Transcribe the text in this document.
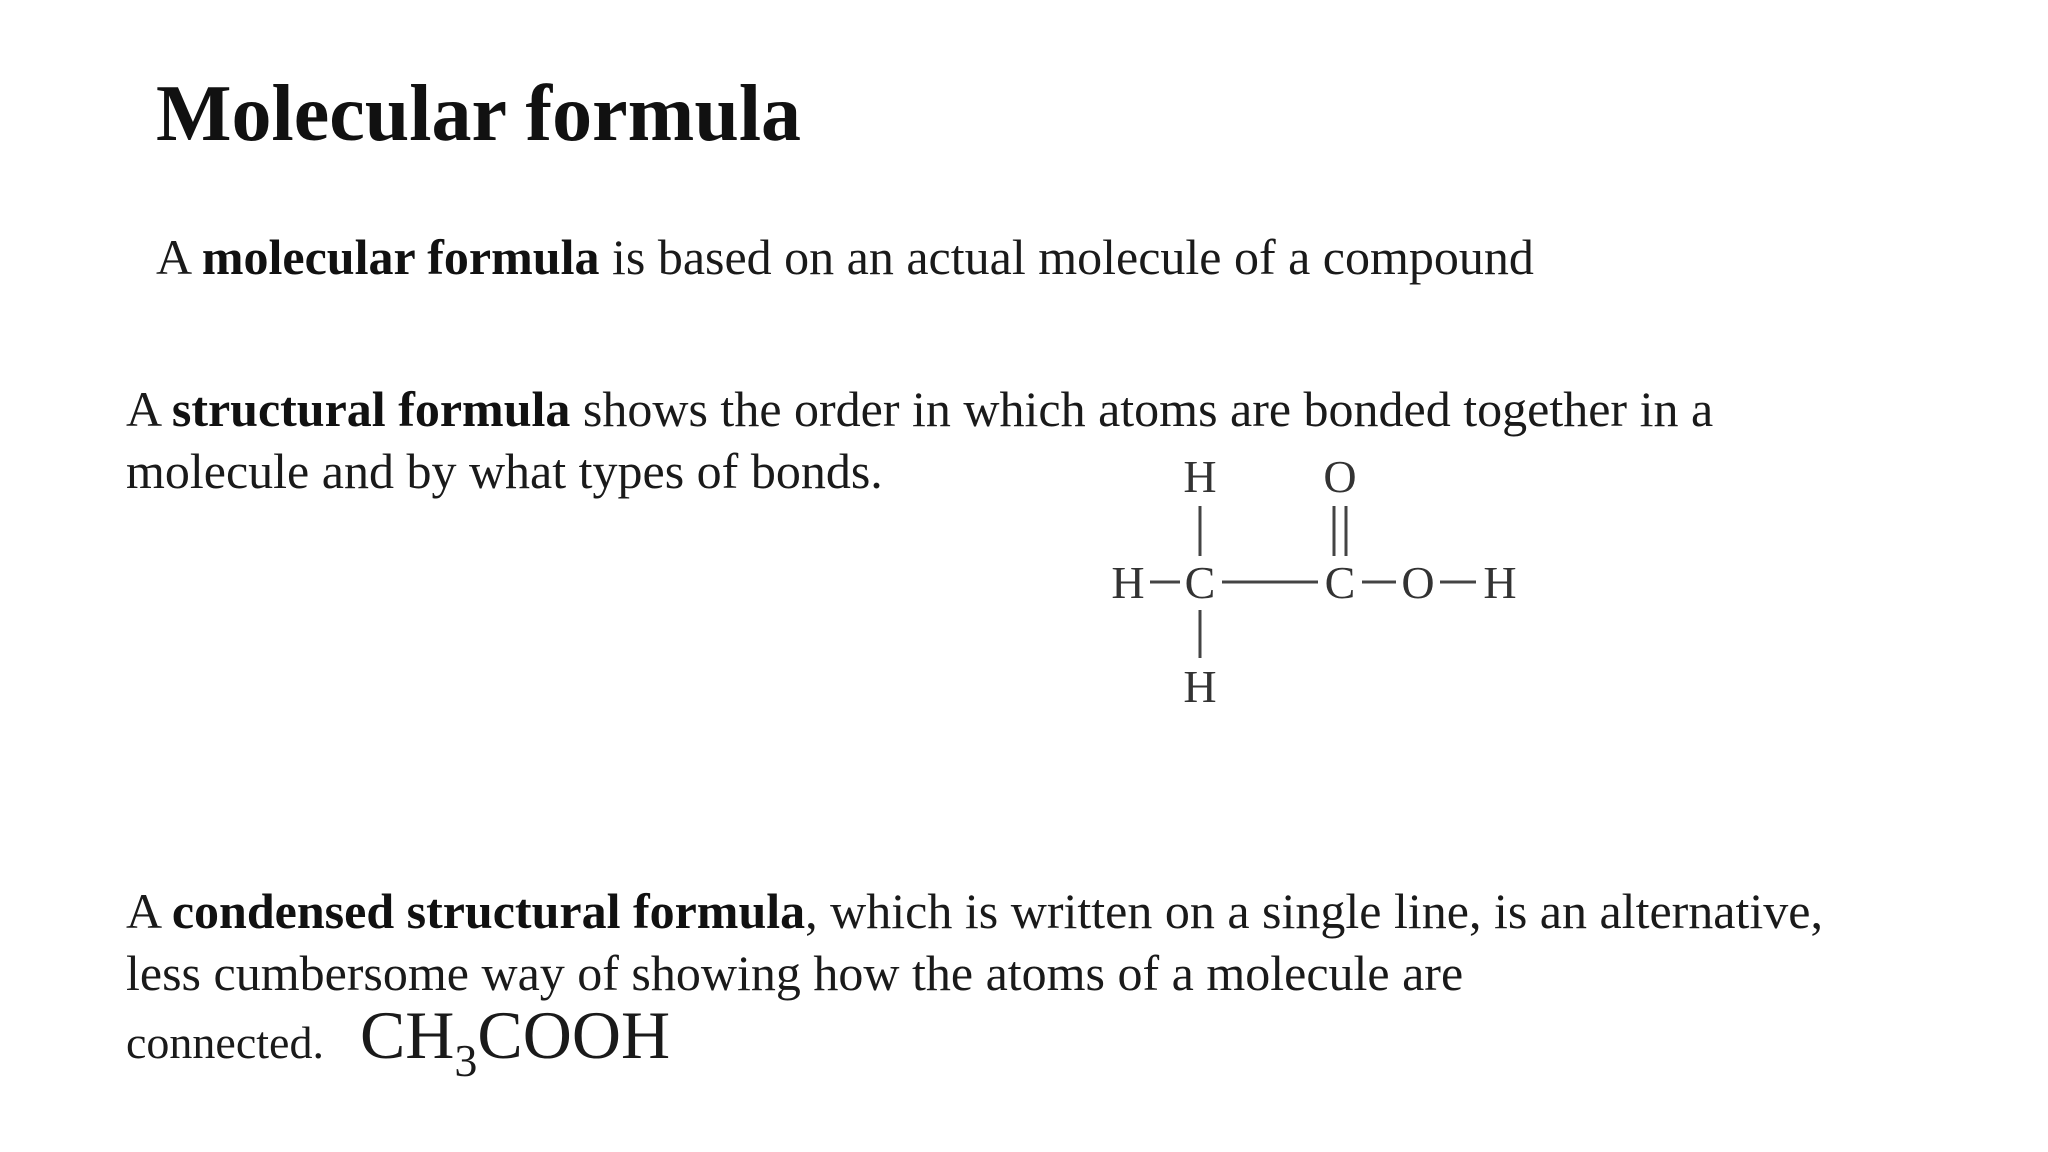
Molecular formula

A molecular formula is based on an actual molecule of a compound

A structural formula shows the order in which atoms are bonded together in a molecule and by what types of bonds.	H O
H C C O H
H

A condensed structural formula, which is written on a single line, is an alternative, less cumbersome way of showing how the atoms of a molecule are connected. $CH_3COOH$
